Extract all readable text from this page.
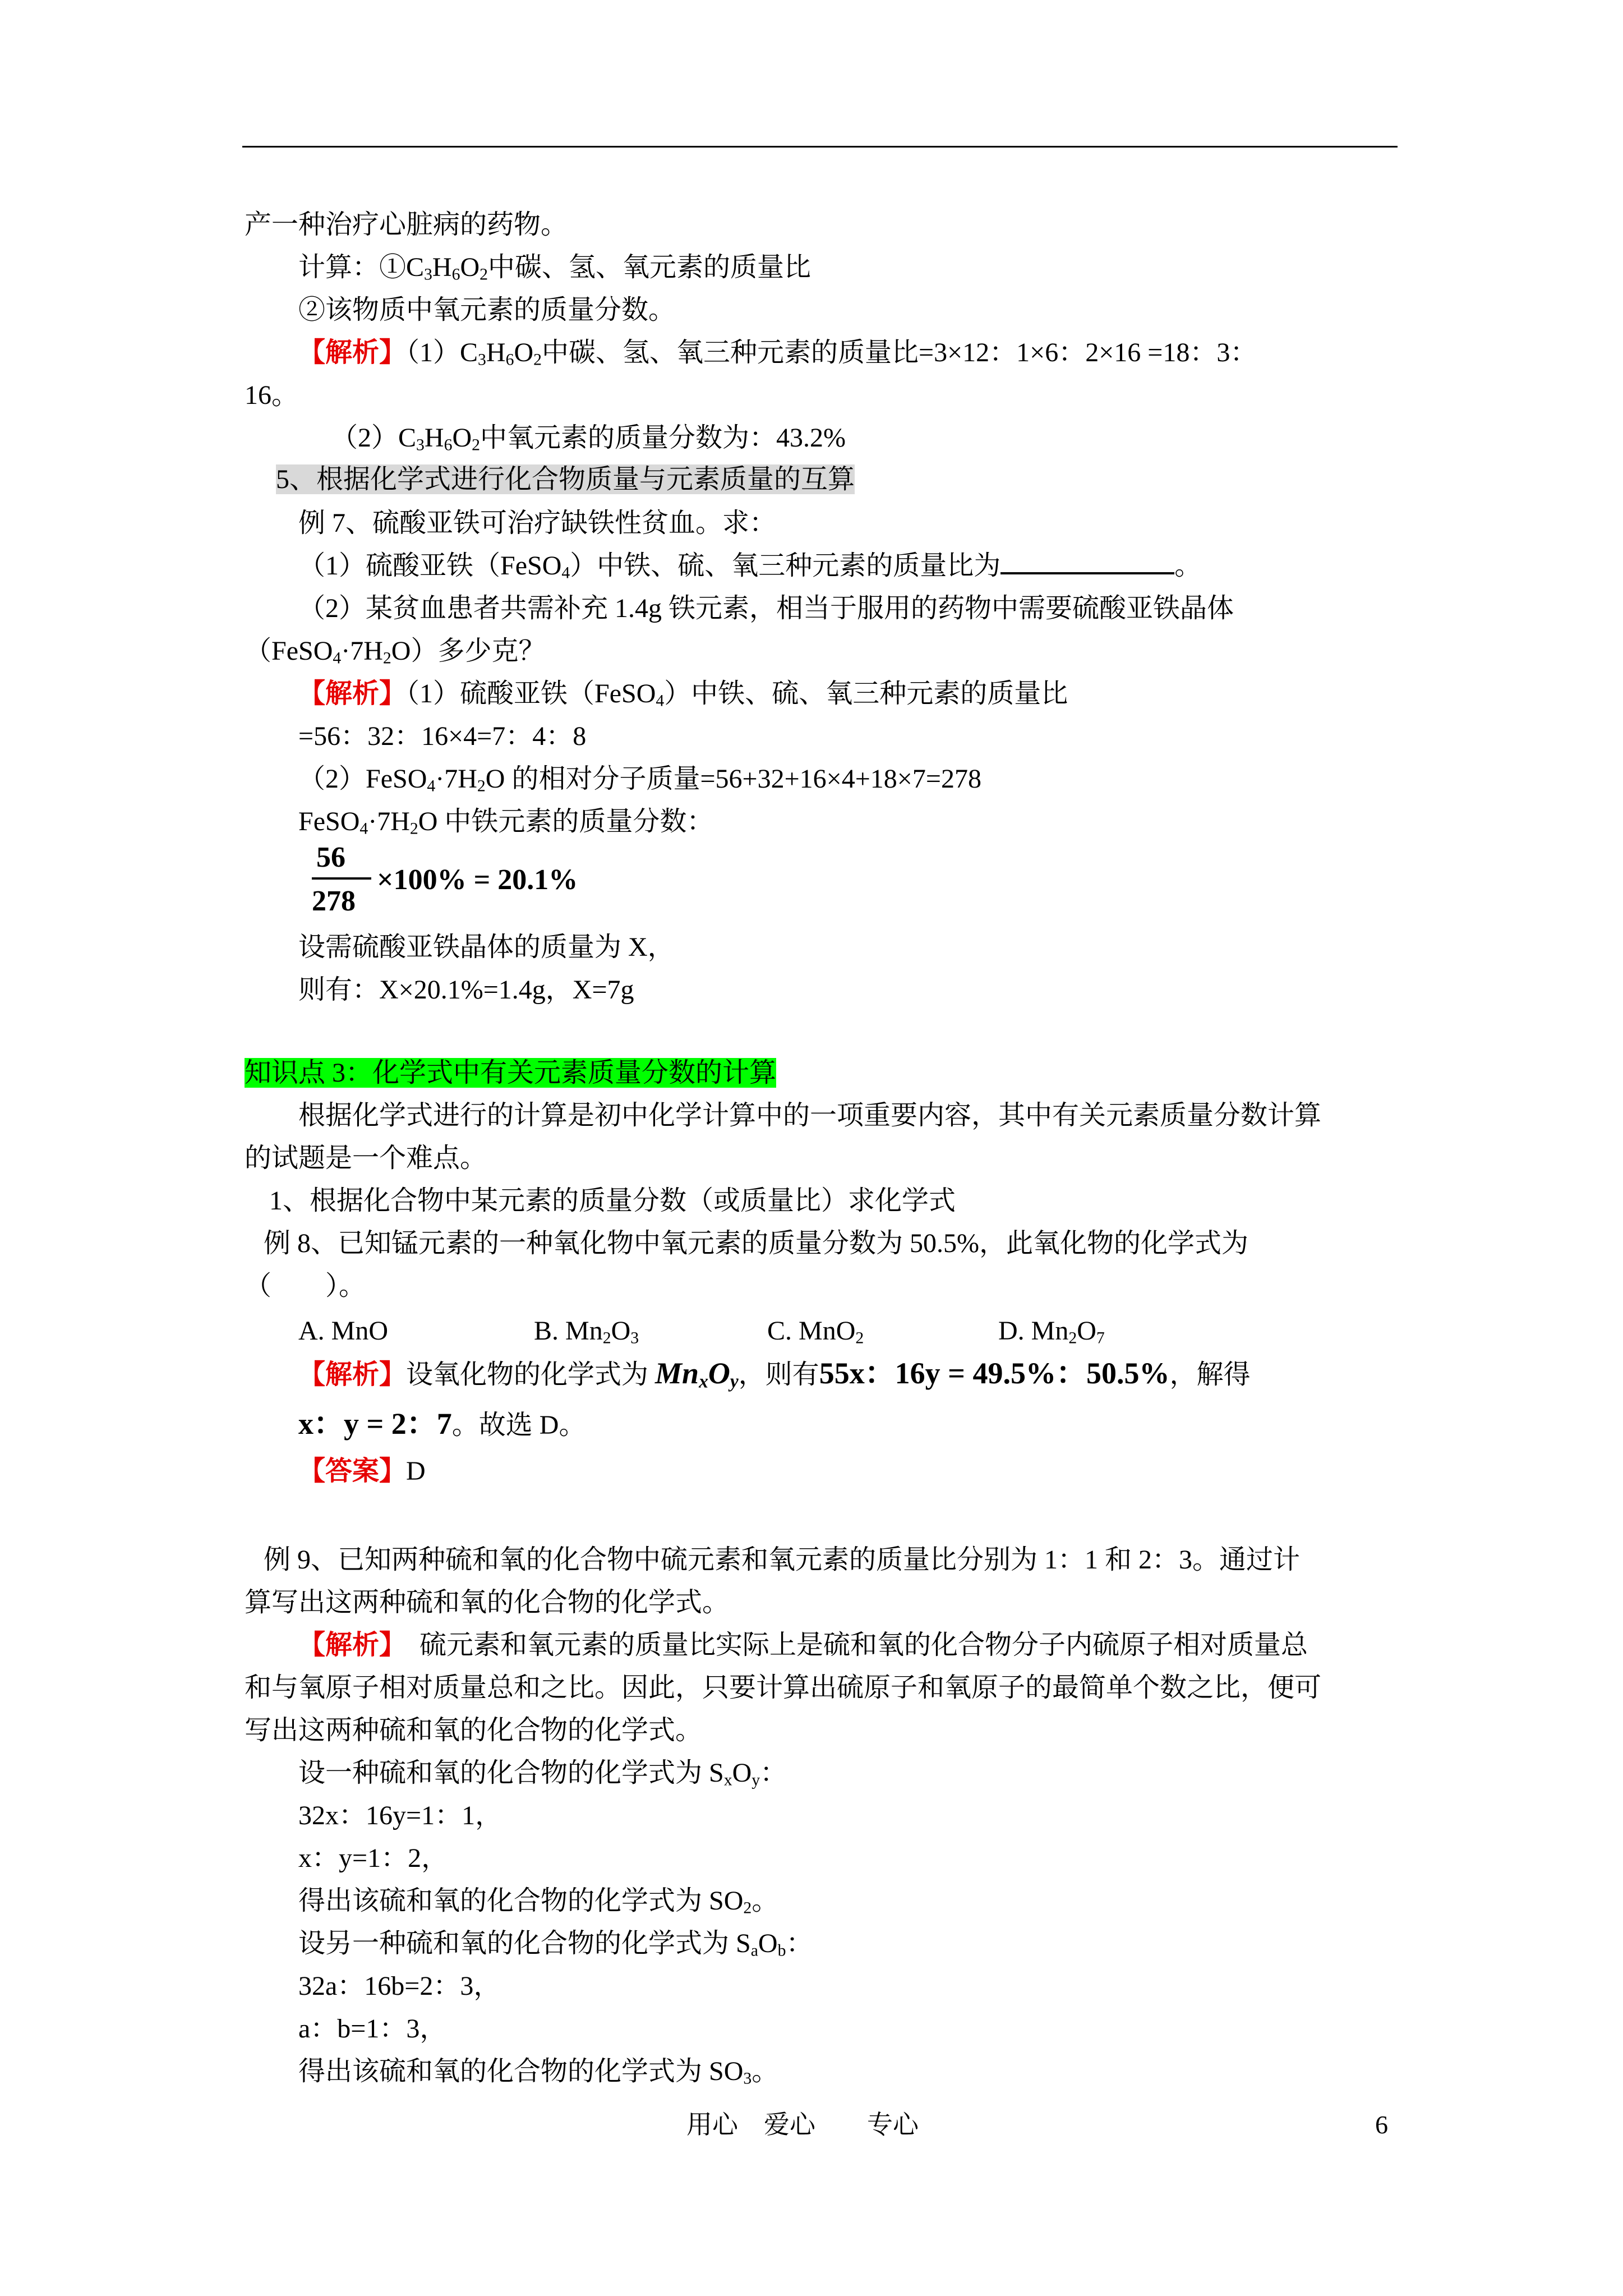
产一种治疗心脏病的药物。
计算：$①C_3H_6O_2$中碳、氢、氧元素的质量比
②该物质中氧元素的质量分数。
【解析】$(1)C_3H_6O_2$中碳、氢、氧三种元素的质量比=3×12：1×6：2×16 =18：3：
16。
$(2)C_3H_6O_2$中氧元素的质量分数为：43.2%
5、根据化学式进行化合物质量与元素质量的互算
例 7、硫酸亚铁可治疗缺铁性贫血。求：
（1）硫酸亚铁（FeSO$_4$）中铁、硫、氧三种元素的质量比为	。
（2）某贫血患者共需补充 1.4g 铁元素，相当于服用的药物中需要硫酸亚铁晶体
$(FeSO_4\cdot 7H_2O)$多少克？
【解析】（1）硫酸亚铁（FeSO$_4$）中铁、硫、氧三种元素的质量比
=56：32：16×4=7：4：8
$(2)FeSO_4\cdot 7H_2O$ 的相对分子质量=56+32+16×4+18×7=278
$FeSO_4\cdot 7H_2O$ 中铁元素的质量分数：
56
278
×100% = 20.1%
设需硫酸亚铁晶体的质量为 X，
则有：X×20.1%=1.4g，X=7g
知识点 3：化学式中有关元素质量分数的计算
根据化学式进行的计算是初中化学计算中的一项重要内容，其中有关元素质量分数计算
的试题是一个难点。
1、根据化合物中某元素的质量分数（或质量比）求化学式
例 8、已知锰元素的一种氧化物中氧元素的质量分数为 50.5%，此氧化物的化学式为
（　　）。
A. MnO	B. $Mn_2O_3$	C. MnO$_2$	D. $Mn_2O_7$
【解析】设氧化物的化学式为 $Mn_xO_y$，则有55x：16y = 49.5%：50.5%，解得
x：y = 2：7。故选 D。
【答案】D
例 9、已知两种硫和氧的化合物中硫元素和氧元素的质量比分别为 1：1 和 2：3。通过计
算写出这两种硫和氧的化合物的化学式。
【解析】　硫元素和氧元素的质量比实际上是硫和氧的化合物分子内硫原子相对质量总
和与氧原子相对质量总和之比。因此，只要计算出硫原子和氧原子的最简单个数之比，便可
写出这两种硫和氧的化合物的化学式。
设一种硫和氧的化合物的化学式为 $S_xO_y$：
32x：16y=1：1，
x：y=1：2，
得出该硫和氧的化合物的化学式为 $SO_2$。
设另一种硫和氧的化合物的化学式为 $S_aO_b$：
32a：16b=2：3，
a：b=1：3，
得出该硫和氧的化合物的化学式为 $SO_3$。
用心　爱心　　专心	6
